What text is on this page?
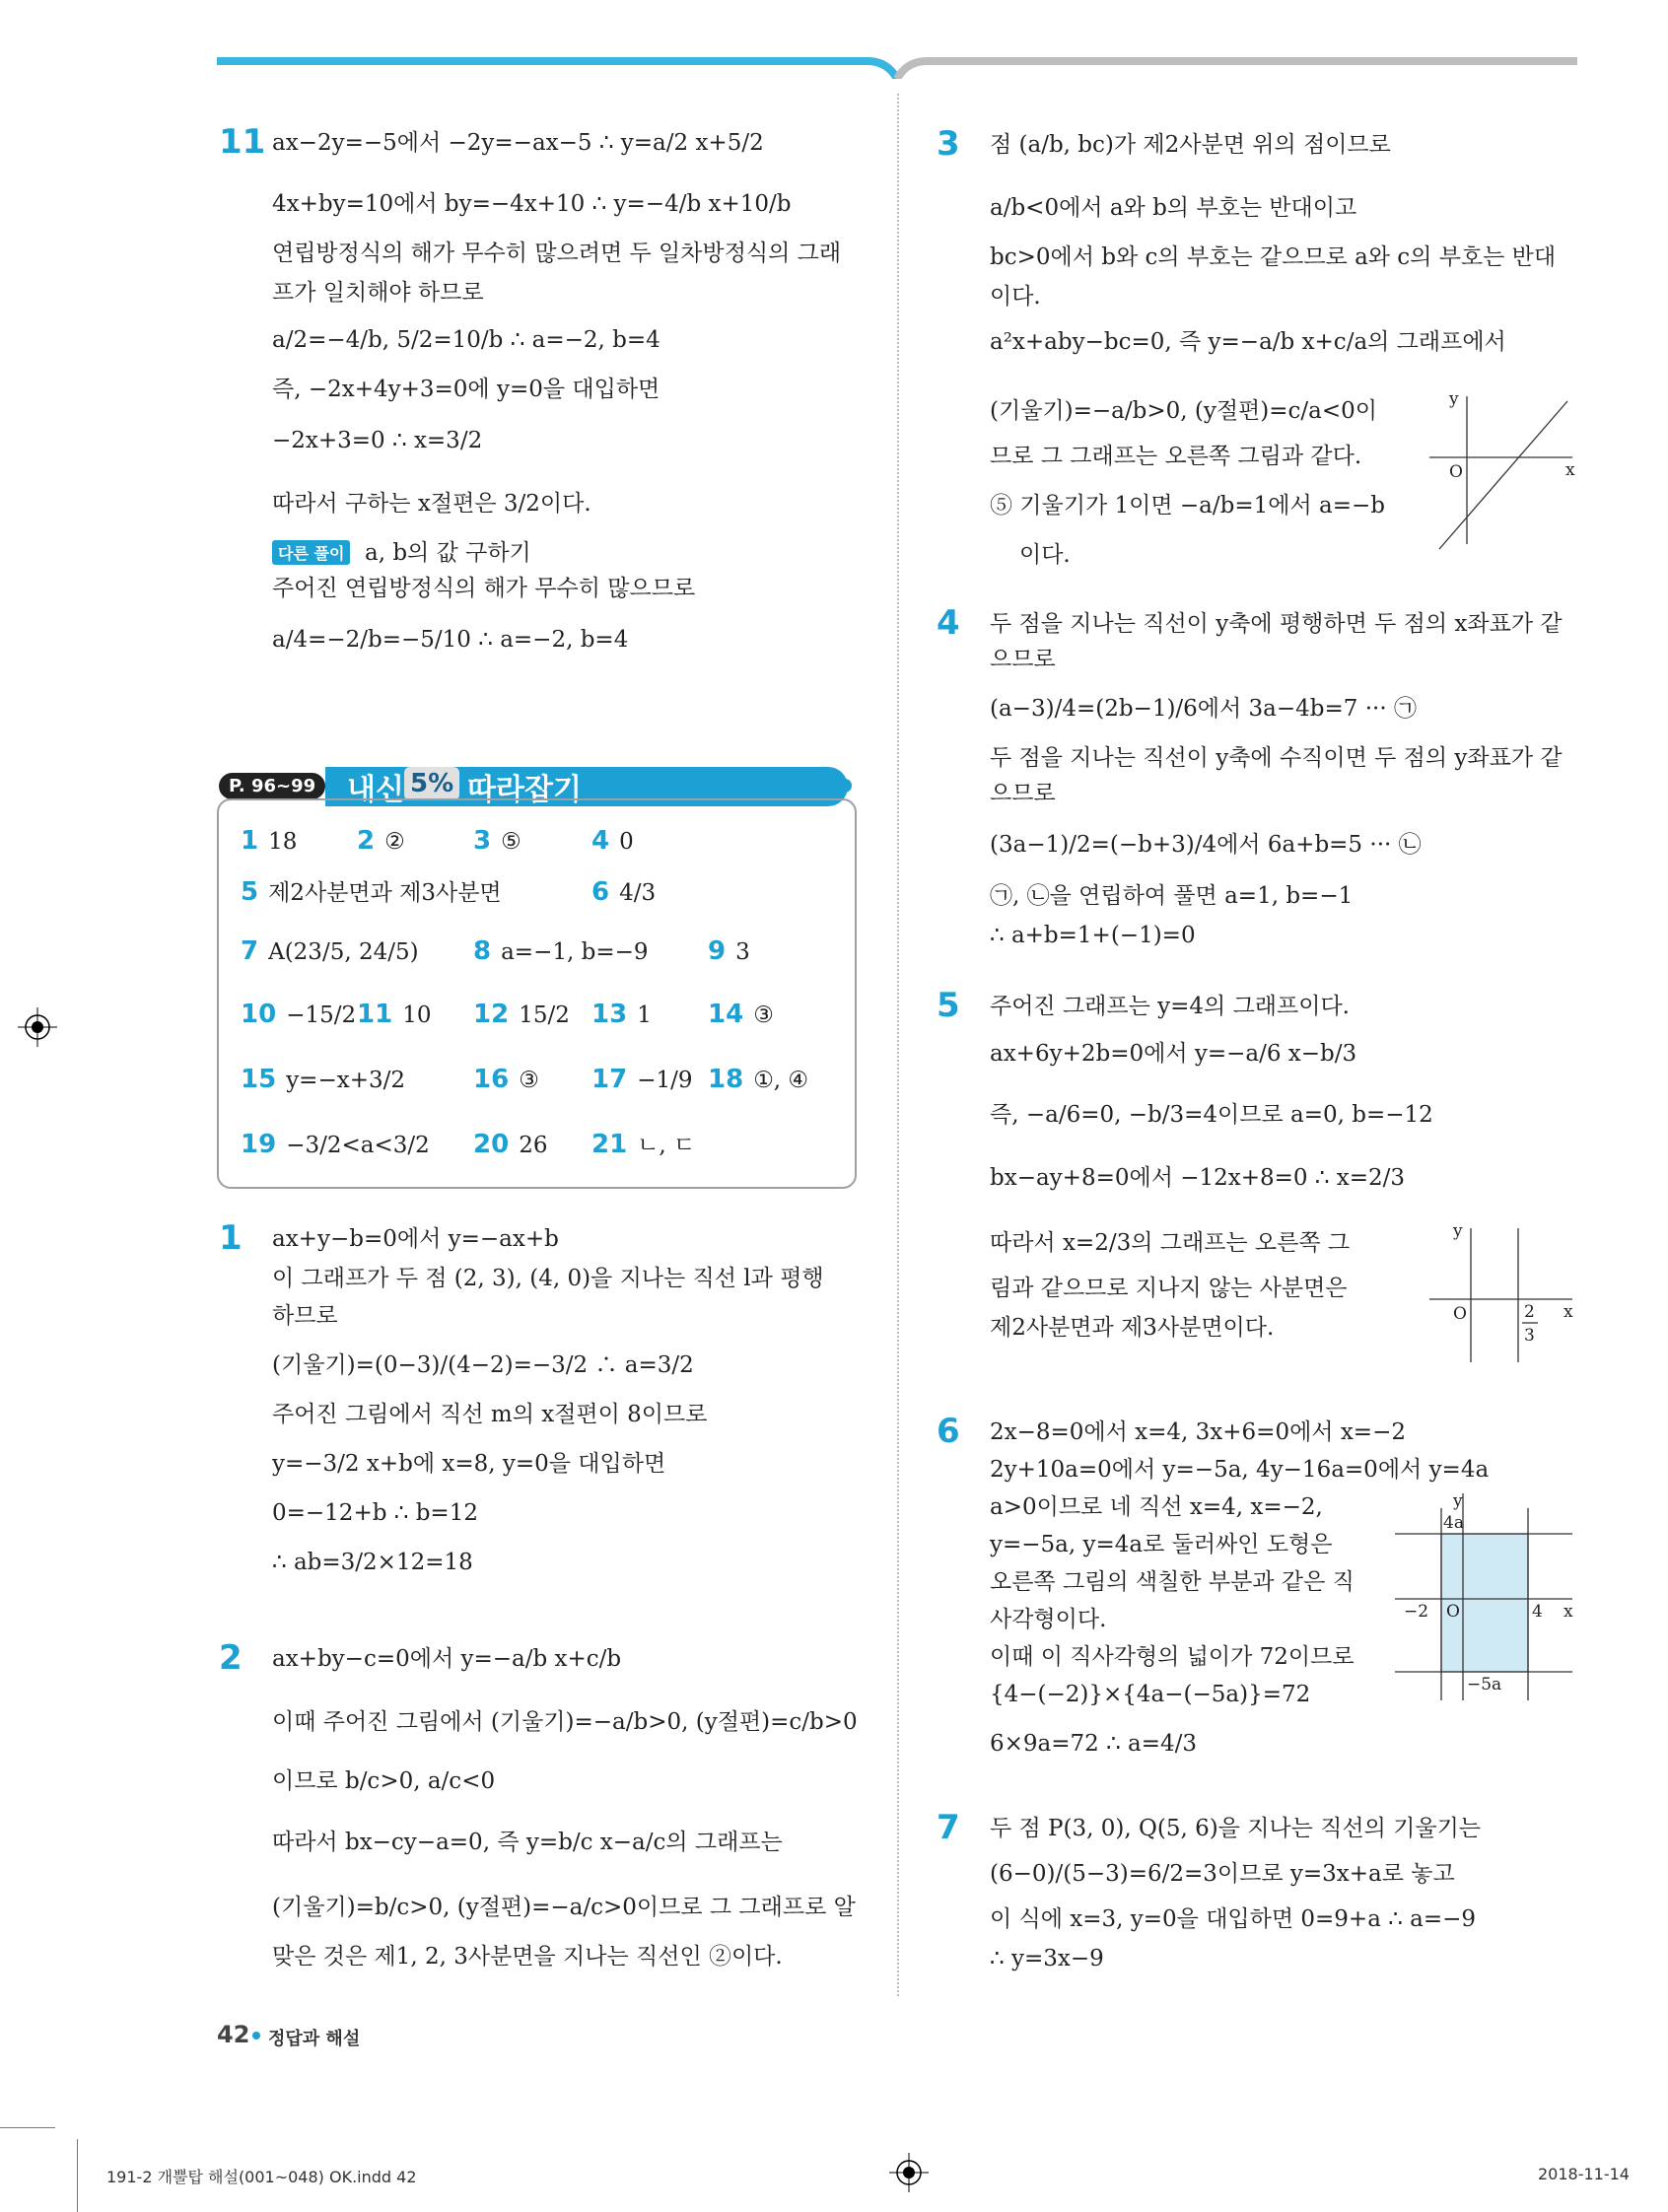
11 ax−2y=−5에서 −2y=−ax−5 ∴ y=a/2 x+5/2
4x+by=10에서 by=−4x+10 ∴ y=−4/b x+10/b
연립방정식의 해가 무수히 많으려면 두 일차방정식의 그래
프가 일치해야 하므로
a/2=−4/b, 5/2=10/b ∴ a=−2, b=4
즉, −2x+4y+3=0에 y=0을 대입하면
−2x+3=0 ∴ x=3/2
따라서 구하는 x절편은 3/2이다.
다른 풀이 a, b의 값 구하기
주어진 연립방정식의 해가 무수히 많으므로
a/4=−2/b=−5/10 ∴ a=−2, b=4
P. 96~99	내신 5% 따라잡기
1 18 2 ②	3 ⑤	4 0
5 제2사분면과 제3사분면	6 4/3
7 A(23/5, 24/5) 8 a=−1, b=−9 9 3
10 −15/2 11 10 12 15/2 13 1 14 ③
15 y=−x+3/2	16 ③ 17 −1/9 18 ①, ④
19 −3/2<a<3/2 20 26 21 ㄴ, ㄷ
1 ax+y−b=0에서 y=−ax+b
이 그래프가 두 점 (2, 3), (4, 0)을 지나는 직선 l과 평행
하므로
(기울기)=(0−3)/(4−2)=−3/2 ∴ a=3/2
주어진 그림에서 직선 m의 x절편이 8이므로
y=−3/2 x+b에 x=8, y=0을 대입하면
0=−12+b ∴ b=12
∴ ab=3/2×12=18
2 ax+by−c=0에서 y=−a/b x+c/b
이때 주어진 그림에서 (기울기)=−a/b>0, (y절편)=c/b>0
이므로 b/c>0, a/c<0
따라서 bx−cy−a=0, 즉 y=b/c x−a/c의 그래프는
(기울기)=b/c>0, (y절편)=−a/c>0이므로 그 그래프로 알
맞은 것은 제1, 2, 3사분면을 지나는 직선인 ②이다.
3 점 (a/b, bc)가 제2사분면 위의 점이므로
a/b<0에서 a와 b의 부호는 반대이고
bc>0에서 b와 c의 부호는 같으므로 a와 c의 부호는 반대
이다.
a²x+aby−bc=0, 즉 y=−a/b x+c/a의 그래프에서
(기울기)=−a/b>0, (y절편)=c/a<0이
므로 그 그래프는 오른쪽 그림과 같다.
⑤ 기울기가 1이면 −a/b=1에서 a=−b
이다.
y
x
O
4 두 점을 지나는 직선이 y축에 평행하면 두 점의 x좌표가 같
으므로
(a−3)/4=(2b−1)/6에서 3a−4b=7 ··· ㉠
두 점을 지나는 직선이 y축에 수직이면 두 점의 y좌표가 같
으므로
(3a−1)/2=(−b+3)/4에서 6a+b=5 ··· ㉡
㉠, ㉡을 연립하여 풀면 a=1, b=−1
∴ a+b=1+(−1)=0
5 주어진 그래프는 y=4의 그래프이다.
ax+6y+2b=0에서 y=−a/6 x−b/3
즉, −a/6=0, −b/3=4이므로 a=0, b=−12
bx−ay+8=0에서 −12x+8=0 ∴ x=2/3
따라서 x=2/3의 그래프는 오른쪽 그
림과 같으므로 지나지 않는 사분면은
제2사분면과 제3사분면이다.
y
x
O	2
3
6 2x−8=0에서 x=4, 3x+6=0에서 x=−2
2y+10a=0에서 y=−5a, 4y−16a=0에서 y=4a
a>0이므로 네 직선 x=4, x=−2,
y=−5a, y=4a로 둘러싸인 도형은
오른쪽 그림의 색칠한 부분과 같은 직
사각형이다.
이때 이 직사각형의 넓이가 72이므로
{4−(−2)}×{4a−(−5a)}=72
6×9a=72 ∴ a=4/3
y
x
O
4a
−2	4
−5a
7 두 점 P(3, 0), Q(5, 6)을 지나는 직선의 기울기는
(6−0)/(5−3)=6/2=3이므로 y=3x+a로 놓고
이 식에 x=3, y=0을 대입하면 0=9+a ∴ a=−9
∴ y=3x−9
42 정답과 해설
191-2 개뿔탑 해설(001~048) OK.indd 42	2018-11-14
